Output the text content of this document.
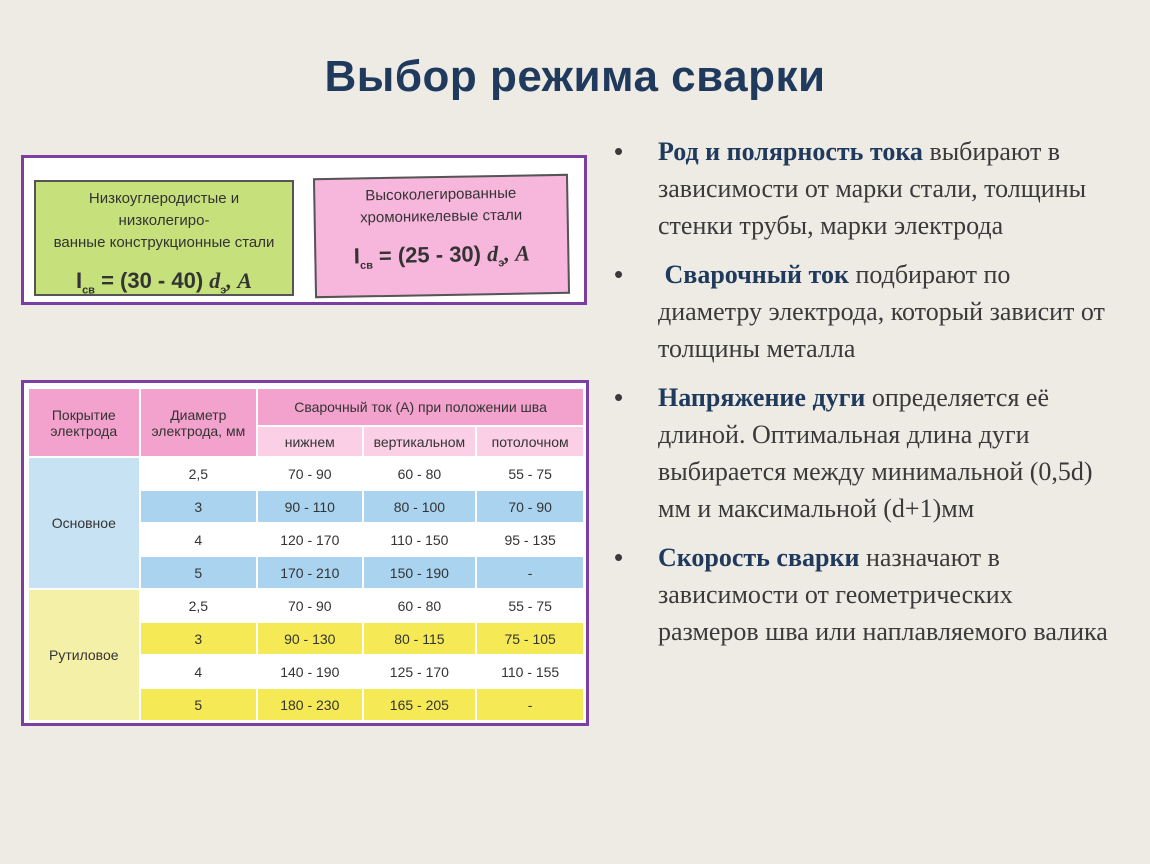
Выбор режима сварки
Низкоуглеродистые и низколегиро-
ванные конструкционные стали
$I_{св} = (30 - 40)$ $d_э$, А
Высоколегированные
хромоникелевые стали
$I_{св} = (25 - 30)$ $d_э$, А
Покрытие электрода	Диаметр электрода, мм	Сварочный ток (А) при положении шва		
		нижнем	вертикальном	потолочном
Основное	2,5	70 - 90	60 - 80	55 - 75
	3	90 - 110	80 - 100	70 - 90
	4	120 - 170	110 - 150	95 - 135
	5	170 - 210	150 - 190	-
Рутиловое	2,5	70 - 90	60 - 80	55 - 75
	3	90 - 130	80 - 115	75 - 105
	4	140 - 190	125 - 170	110 - 155
	5	180 - 230	165 - 205	-
• Род и полярность тока выбирают в зависимости от марки стали, толщины стенки трубы, марки электрода
• Сварочный ток подбирают по диаметру электрода, который зависит от толщины металла
• Напряжение дуги определяется её длиной. Оптимальная длина дуги выбирается между минимальной (0,5d) мм и максимальной (d+1)мм
• Скорость сварки назначают в зависимости от геометрических размеров шва или наплавляемого валика
